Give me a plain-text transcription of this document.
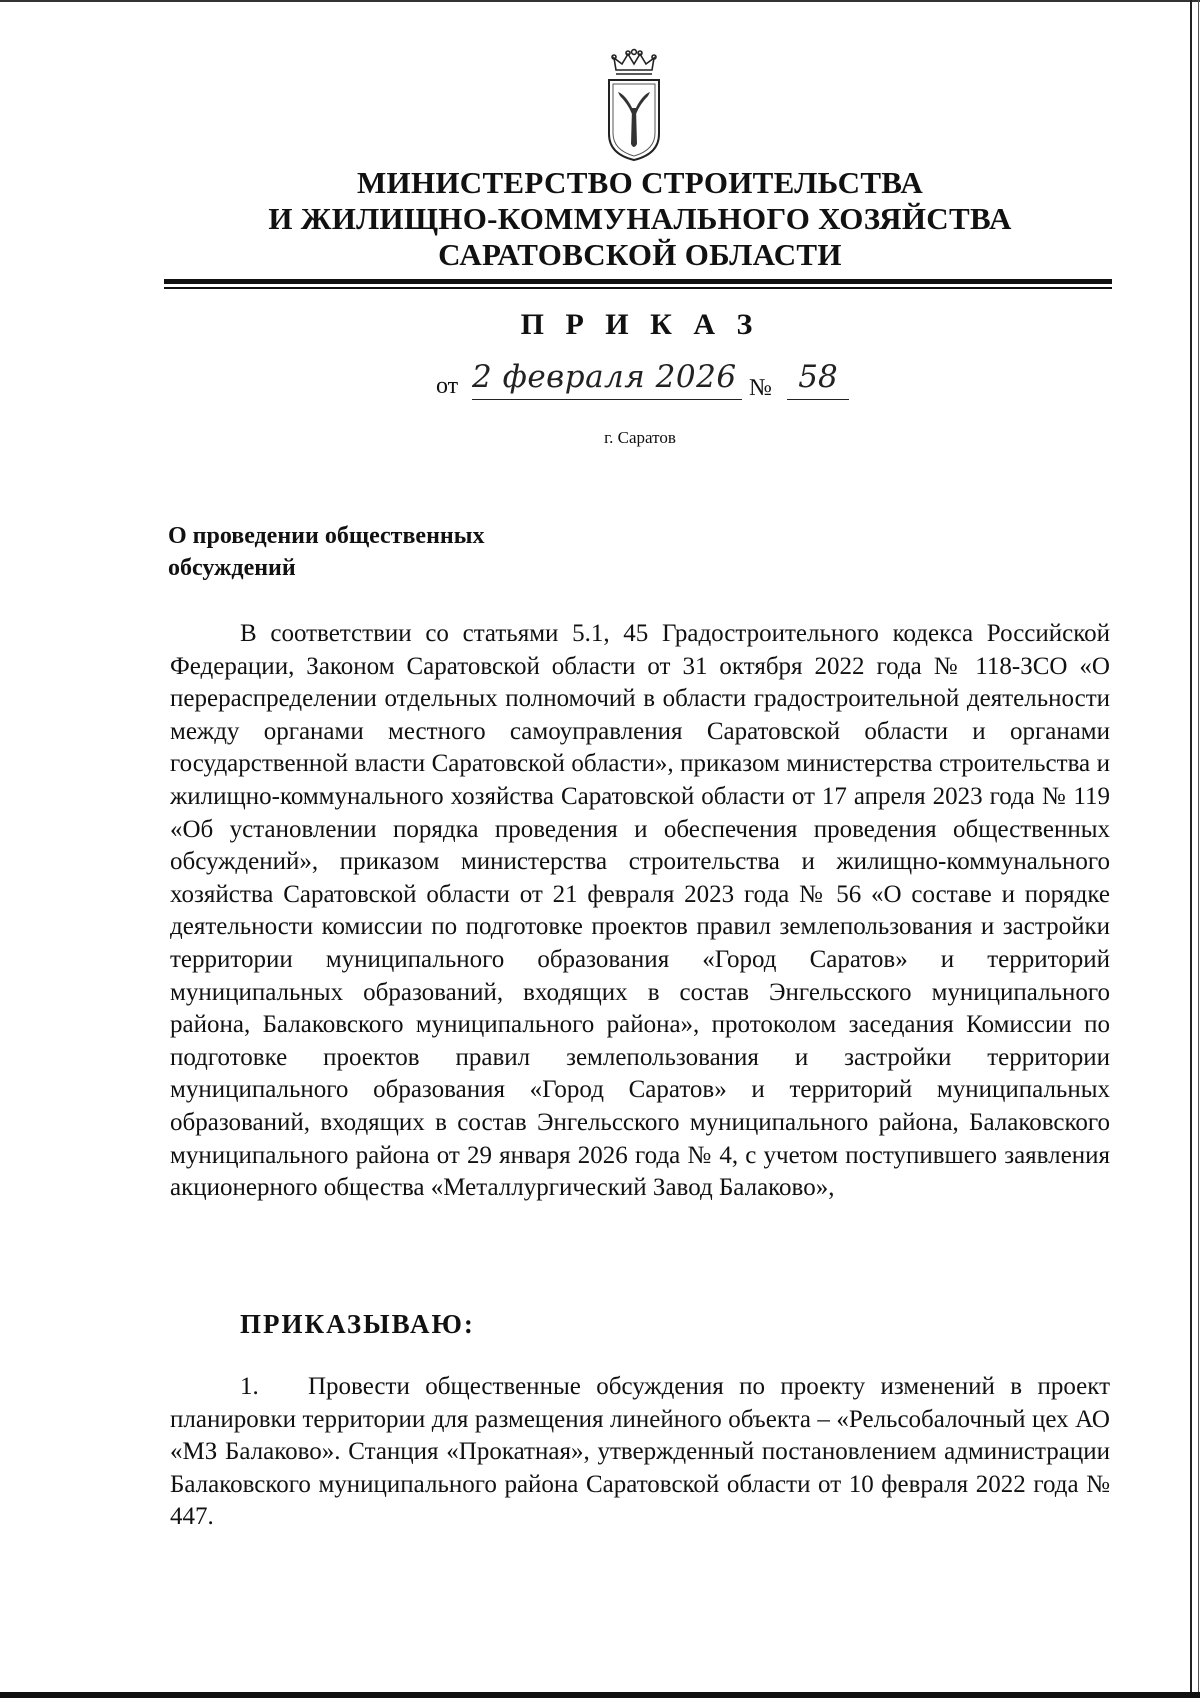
МИНИСТЕРСТВО СТРОИТЕЛЬСТВА
И ЖИЛИЩНО-КОММУНАЛЬНОГО ХОЗЯЙСТВА
САРАТОВСКОЙ ОБЛАСТИ
П Р И К А З
от 2 февраля 2026 № 58
г. Саратов
О проведении общественных
обсуждений
В соответствии со статьями 5.1, 45 Градостроительного кодекса Российской Федерации, Законом Саратовской области от 31 октября 2022 года № 118-ЗСО «О перераспределении отдельных полномочий в области градостроительной деятельности между органами местного самоуправления Саратовской области и органами государственной власти Саратовской области», приказом министерства строительства и жилищно-коммунального хозяйства Саратовской области от 17 апреля 2023 года № 119 «Об установлении порядка проведения и обеспечения проведения общественных обсуждений», приказом министерства строительства и жилищно-коммунального хозяйства Саратовской области от 21 февраля 2023 года № 56 «О составе и порядке деятельности комиссии по подготовке проектов правил землепользования и застройки территории муниципального образования «Город Саратов» и территорий муниципальных образований, входящих в состав Энгельсского муниципального района, Балаковского муниципального района», протоколом заседания Комиссии по подготовке проектов правил землепользования и застройки территории муниципального образования «Город Саратов» и территорий муниципальных образований, входящих в состав Энгельсского муниципального района, Балаковского муниципального района от 29 января 2026 года № 4, с учетом поступившего заявления акционерного общества «Металлургический Завод Балаково»,
ПРИКАЗЫВАЮ:
1. Провести общественные обсуждения по проекту изменений в проект планировки территории для размещения линейного объекта – «Рельсобалочный цех АО «МЗ Балаково». Станция «Прокатная», утвержденный постановлением администрации Балаковского муниципального района Саратовской области от 10 февраля 2022 года № 447.
